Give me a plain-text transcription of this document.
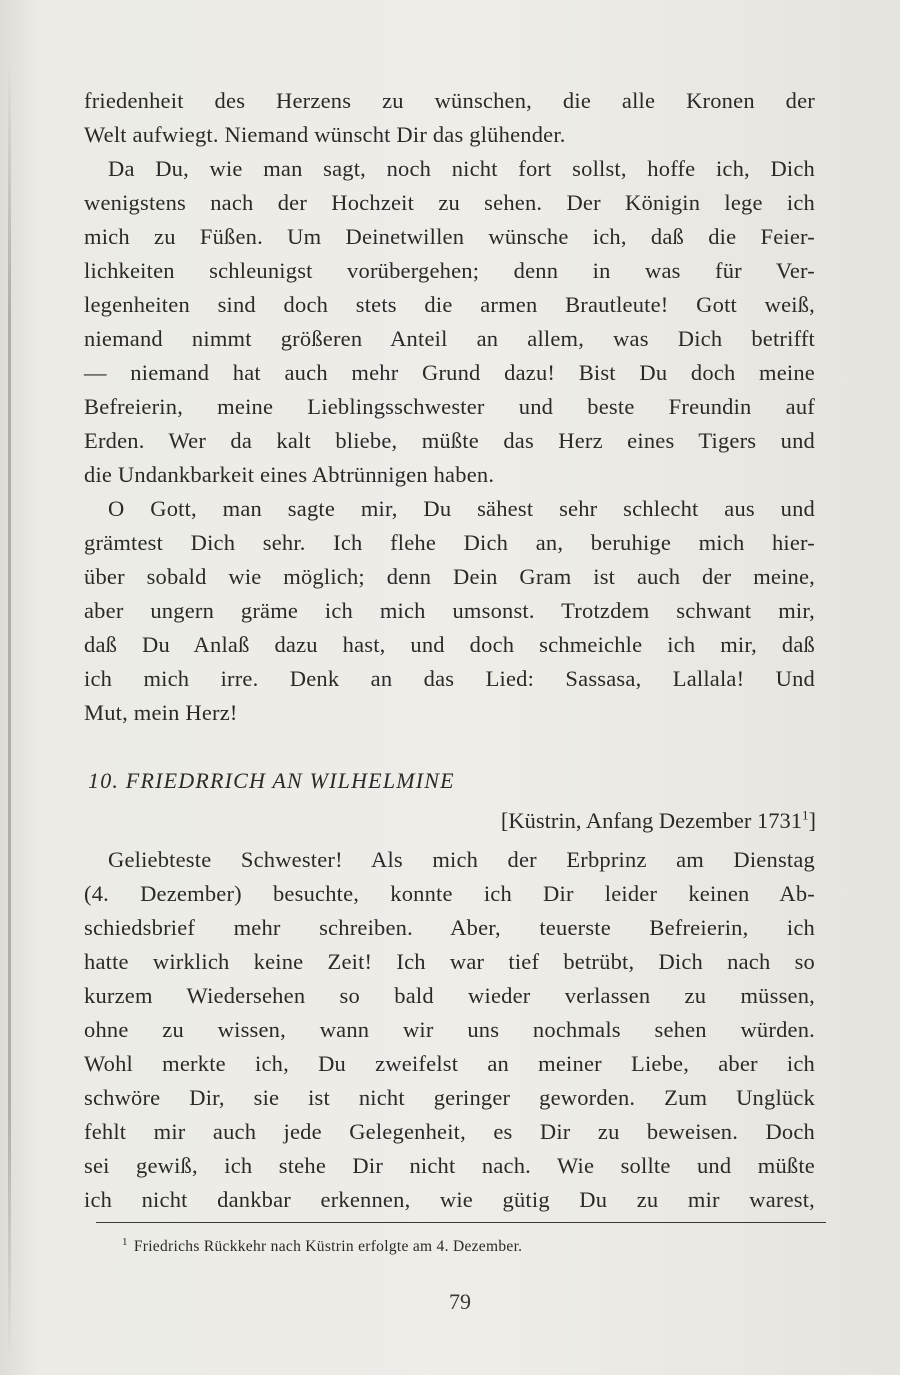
friedenheit des Herzens zu wünschen, die alle Kronen der
Welt aufwiegt. Niemand wünscht Dir das glühender.
Da Du, wie man sagt, noch nicht fort sollst, hoffe ich, Dich
wenigstens nach der Hochzeit zu sehen. Der Königin lege ich
mich zu Füßen. Um Deinetwillen wünsche ich, daß die Feier-
lichkeiten schleunigst vorübergehen; denn in was für Ver-
legenheiten sind doch stets die armen Brautleute! Gott weiß,
niemand nimmt größeren Anteil an allem, was Dich betrifft
— niemand hat auch mehr Grund dazu! Bist Du doch meine
Befreierin, meine Lieblingsschwester und beste Freundin auf
Erden. Wer da kalt bliebe, müßte das Herz eines Tigers und
die Undankbarkeit eines Abtrünnigen haben.
O Gott, man sagte mir, Du sähest sehr schlecht aus und
grämtest Dich sehr. Ich flehe Dich an, beruhige mich hier-
über sobald wie möglich; denn Dein Gram ist auch der meine,
aber ungern gräme ich mich umsonst. Trotzdem schwant mir,
daß Du Anlaß dazu hast, und doch schmeichle ich mir, daß
ich mich irre. Denk an das Lied: Sassasa, Lallala! Und
Mut, mein Herz!
10. FRIEDRRICH AN WILHELMINE
[Küstrin, Anfang Dezember 1731$^1$]
Geliebteste Schwester! Als mich der Erbprinz am Dienstag
(4. Dezember) besuchte, konnte ich Dir leider keinen Ab-
schiedsbrief mehr schreiben. Aber, teuerste Befreierin, ich
hatte wirklich keine Zeit! Ich war tief betrübt, Dich nach so
kurzem Wiedersehen so bald wieder verlassen zu müssen,
ohne zu wissen, wann wir uns nochmals sehen würden.
Wohl merkte ich, Du zweifelst an meiner Liebe, aber ich
schwöre Dir, sie ist nicht geringer geworden. Zum Unglück
fehlt mir auch jede Gelegenheit, es Dir zu beweisen. Doch
sei gewiß, ich stehe Dir nicht nach. Wie sollte und müßte
ich nicht dankbar erkennen, wie gütig Du zu mir warest,
$^1$ Friedrichs Rückkehr nach Küstrin erfolgte am 4. Dezember.
79
